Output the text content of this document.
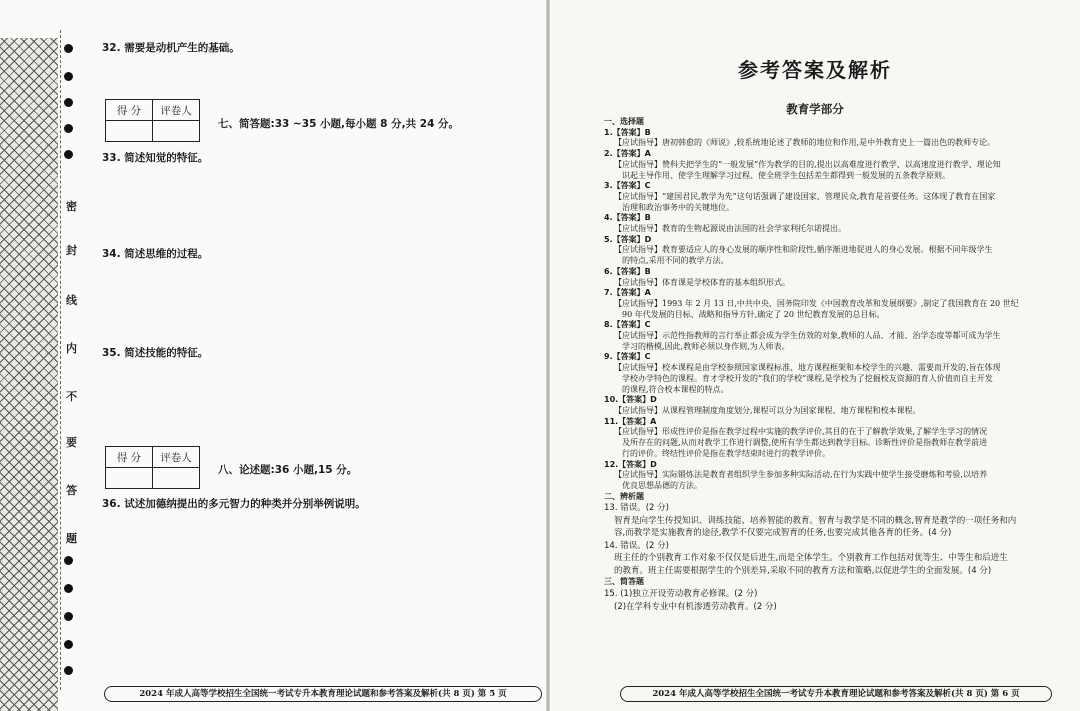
密
封
线
内
不
要
答
题
32. 需要是动机产生的基础。
得 分	评卷人

七、简答题:33 ~35 小题,每小题 8 分,共 24 分。
33. 简述知觉的特征。
34. 简述思维的过程。
35. 简述技能的特征。
得 分	评卷人

八、论述题:36 小题,15 分。
36. 试述加德纳提出的多元智力的种类并分别举例说明。
2024 年成人高等学校招生全国统一考试专升本教育理论试题和参考答案及解析(共 8 页) 第 5 页
参考答案及解析
教育学部分
一、选择题
1.【答案】B
【应试指导】唐初韩愈的《师说》,较系统地论述了教师的地位和作用,是中外教育史上一篇出色的教师专论。
2.【答案】A
【应试指导】赞科夫把学生的“一般发展”作为教学的目的,提出以高难度进行教学、以高速度进行教学、理论知
识起主导作用、使学生理解学习过程、使全班学生包括差生都得到一般发展的五条教学原则。
3.【答案】C
【应试指导】“建国君民,教学为先”这句话强调了建设国家、管理民众,教育是首要任务。这体现了教育在国家
治理和政治事务中的关键地位。
4.【答案】B
【应试指导】教育的生物起源说由法国的社会学家利托尔诺提出。
5.【答案】D
【应试指导】教育要适应人的身心发展的顺序性和阶段性,循序渐进地促进人的身心发展。根据不同年级学生
的特点,采用不同的教学方法。
6.【答案】B
【应试指导】体育课是学校体育的基本组织形式。
7.【答案】A
【应试指导】1993 年 2 月 13 日,中共中央、国务院印发《中国教育改革和发展纲要》,制定了我国教育在 20 世纪
90 年代发展的目标、战略和指导方针,确定了 20 世纪教育发展的总目标。
8.【答案】C
【应试指导】示范性指教师的言行举止都会成为学生仿效的对象,教师的人品、才能、治学态度等都可成为学生
学习的楷模,因此,教师必须以身作则,为人师表。
9.【答案】C
【应试指导】校本课程是由学校参照国家课程标准、地方课程框架和本校学生的兴趣、需要而开发的,旨在体现
学校办学特色的课程。育才学校开发的“我们的学校”课程,是学校为了挖掘校友资源的育人价值而自主开发
的课程,符合校本课程的特点。
10.【答案】D
【应试指导】从课程管理制度角度划分,课程可以分为国家课程、地方课程和校本课程。
11.【答案】A
【应试指导】形成性评价是指在教学过程中实施的教学评价,其目的在于了解教学效果,了解学生学习的情况
及所存在的问题,从而对教学工作进行调整,使所有学生都达到教学目标。诊断性评价是指教师在教学前进
行的评价。终结性评价是指在教学结束时进行的教学评价。
12.【答案】D
【应试指导】实际锻炼法是教育者组织学生参加多种实际活动,在行为实践中使学生接受磨炼和考验,以培养
优良思想品德的方法。
二、辨析题
13. 错误。(2 分)
智育是向学生传授知识、训练技能、培养智能的教育。智育与教学是不同的概念,智育是教学的一项任务和内
容,而教学是实施教育的途径,教学不仅要完成智育的任务,也要完成其他各育的任务。(4 分)
14. 错误。(2 分)
班主任的个别教育工作对象不仅仅是后进生,而是全体学生。个别教育工作包括对优等生、中等生和后进生
的教育。班主任需要根据学生的个别差异,采取不同的教育方法和策略,以促进学生的全面发展。(4 分)
三、简答题
15. (1)独立开设劳动教育必修课。(2 分)
(2)在学科专业中有机渗透劳动教育。(2 分)
2024 年成人高等学校招生全国统一考试专升本教育理论试题和参考答案及解析(共 8 页) 第 6 页
